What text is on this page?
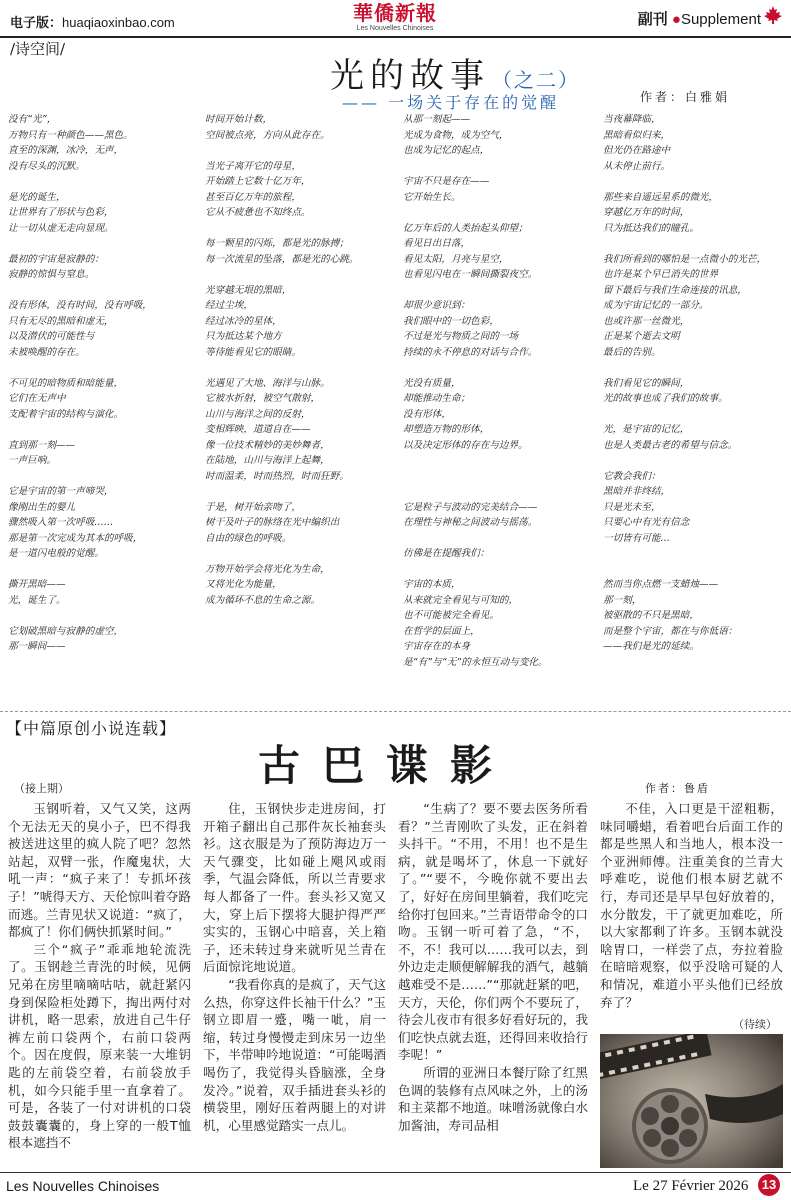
电子版：huaqiaoxinbao.com	華僑新報
Les Nouvelles Chinoises
副刊 ●Supplement
/诗空间/
光的故事 （之二）
—— 一场关于存在的觉醒	作者：白雅娟

没有“光”，

万物只有一种颜色——黑色。

直至的深渊，冰冷，无声，

没有尽头的沉默。

是光的诞生，

让世界有了形状与色彩，

让一切从虚无走向显现。

最初的宇宙是寂静的：

寂静的惊惧与窒息。

没有形体，没有时间，没有呼吸，

只有无尽的黑暗和虚无，

以及潜伏的可能性与

未被唤醒的存在。

不可见的暗物质和暗能量，

它们在无声中

支配着宇宙的结构与演化。

直到那一刻——

一声巨响。

它是宇宙的第一声啼哭，

像刚出生的婴儿

骤然吸入第一次呼吸……

那是第一次完成为其本的呼吸，

是一道闪电般的觉醒。

撕开黑暗——

光，诞生了。

它划破黑暗与寂静的虚空，

那一瞬间——

时间开始计数，

空间被点亮，方向从此存在。

当光子离开它的母星，

开始踏上它数十亿万年，

甚至百亿万年的旅程，

它从不疲惫也不知终点。

每一颗星的闪烁，都是光的脉搏；

每一次流星的坠落，都是光的心跳。

光穿越无垠的黑暗，

经过尘埃，

经过冰冷的星体，

只为抵达某个地方

等待能看见它的眼睛。

光遇见了大地、海洋与山脉。

它被水折射，被空气散射，

山川与海洋之间的反射，

变相辉映，道道自在——

像一位技术精妙的美妙舞者，

在陆地，山川与海洋上起舞，

时而温柔，时而热烈，时而狂野。

于是，树开始亲吻了，

树干及叶子的脉络在光中编织出

自由的绿色的呼吸。

万物开始学会将光化为生命，

又将光化为能量，

成为循环不息的生命之源。

从那一刻起——

光成为食物，成为空气，

也成为记忆的起点，

宇宙不只是存在——

它开始生长。

亿万年后的人类抬起头仰望；

看见日出日落，

看见太阳，月亮与星空，

也看见闪电在一瞬间撕裂夜空。

却很少意识到：

我们眼中的一切色彩，

不过是光与物质之间的一场

持续的永不停息的对话与合作。

光没有质量，

却能推动生命；

没有形体，

却塑造万物的形体，

以及决定形体的存在与边界。

它是粒子与波动的完美结合——

在理性与神秘之间波动与摇荡。

仿佛是在提醒我们：

宇宙的本质，

从来就完全看见与可知的，

也不可能被完全看见。

在哲学的层面上，

宇宙存在的本身

是“有”与“无”的永恒互动与变化。

当夜幕降临，

黑暗看似归来，

但光仍在路途中

从未停止前行。

那些来自遥远星系的微光，

穿越亿万年的时间，

只为抵达我们的瞳孔。

我们所看到的哪怕是一点微小的光芒，

也许是某个早已消失的世界

留下最后与我们生命连接的讯息，

成为宇宙记忆的一部分。

也或许那一丝微光，

正是某个逝去文明

最后的告别。

我们看见它的瞬间，

光的故事也成了我们的故事。

光，是宇宙的记忆，

也是人类最古老的希望与信念。

它教会我们：

黑暗并非终结，

只是光未至，

只要心中有光有信念

一切皆有可能…

然而当你点燃一支蜡烛——

那一刻，

被驱散的不只是黑暗，

而是整个宇宙，都在与你低语：

——我们是光的延续。

【中篇原创小说连载】
古巴谍影
（接上期）	作者：鲁盾

玉钢听着，又气又笑，这两个无法无天的臭小子，巴不得我被送进这里的疯人院了吧？忽然站起，双臂一张，作魔鬼状，大吼一声：“疯子来了！专抓坏孩子！”唬得天方、天伦惊叫着夺路而逃。兰青见状又说道：“疯了，都疯了！你们俩快抓紧时间。”

三个“疯子”乖乖地轮流洗了。玉钢趁兰青洗的时候，见俩兄弟在房里嘀嘀咕咕，就赶紧闪身到保险柜处蹲下，掏出两付对讲机，略一思索，放进自己牛仔裤左前口袋两个，右前口袋两个。因在度假，原来装一大堆钥匙的左前袋空着，右前袋放手机，如今只能手里一直拿着了。可是，各装了一付对讲机的口袋鼓鼓囊囊的，身上穿的一般T恤根本遮挡不

住，玉钢快步走进房间，打开箱子翻出自己那件灰长袖套头衫。这衣服是为了预防海边万一天气骤变，比如碰上飓风或雨季，气温会降低，所以兰青要求每人都备了一件。套头衫又宽又大，穿上后下摆将大腿护得严严实实的，玉钢心中暗喜，关上箱子，还未转过身来就听见兰青在后面惊诧地说道。

“我看你真的是疯了，天气这么热，你穿这件长袖干什么？”玉钢立即眉一蹙，嘴一呲，肩一缩，转过身慢慢走到床另一边坐下，半带呻吟地说道：“可能喝酒喝伤了，我觉得头昏脑涨，全身发冷。”说着，双手插进套头衫的横袋里，刚好压着两腿上的对讲机，心里感觉踏实一点儿。

“生病了？要不要去医务所看看？”兰青刚吹了头发，正在斜着头抖干。“不用，不用！也不是生病，就是喝坏了，休息一下就好了。”“要不，今晚你就不要出去了，好好在房间里躺着，我们吃完给你打包回来。”兰青语带命令的口吻。玉钢一听可着了急，“不，不，不！我可以……我可以去，到外边走走顺便解解我的酒气，越躺越难受不是……”“那就赶紧的吧，天方，天伦，你们两个不要玩了，待会儿夜市有很多好看好玩的，我们吃快点就去逛，还得回来收拾行李呢！”

所谓的亚洲日本餐厅除了红黑色调的装修有点风味之外，上的汤和主菜都不地道。味噌汤就像白水加酱油，寿司品相

不佳，入口更是干涩粗粝，味同嚼蜡，看着吧台后面工作的都是些黑人和当地人，根本没一个亚洲师傅。注重美食的兰青大呼难吃，说他们根本厨艺就不行，寿司还是早早包好放着的，水分散发，干了就更加难吃，所以大家都剩了许多。玉钢本就没啥胃口，一样尝了点，夯拉着脸在暗暗观察，似乎没啥可疑的人和情况，难道小平头他们已经放弃了？

（待续）
Les Nouvelles Chinoises	Le 27 Février 2026 13
